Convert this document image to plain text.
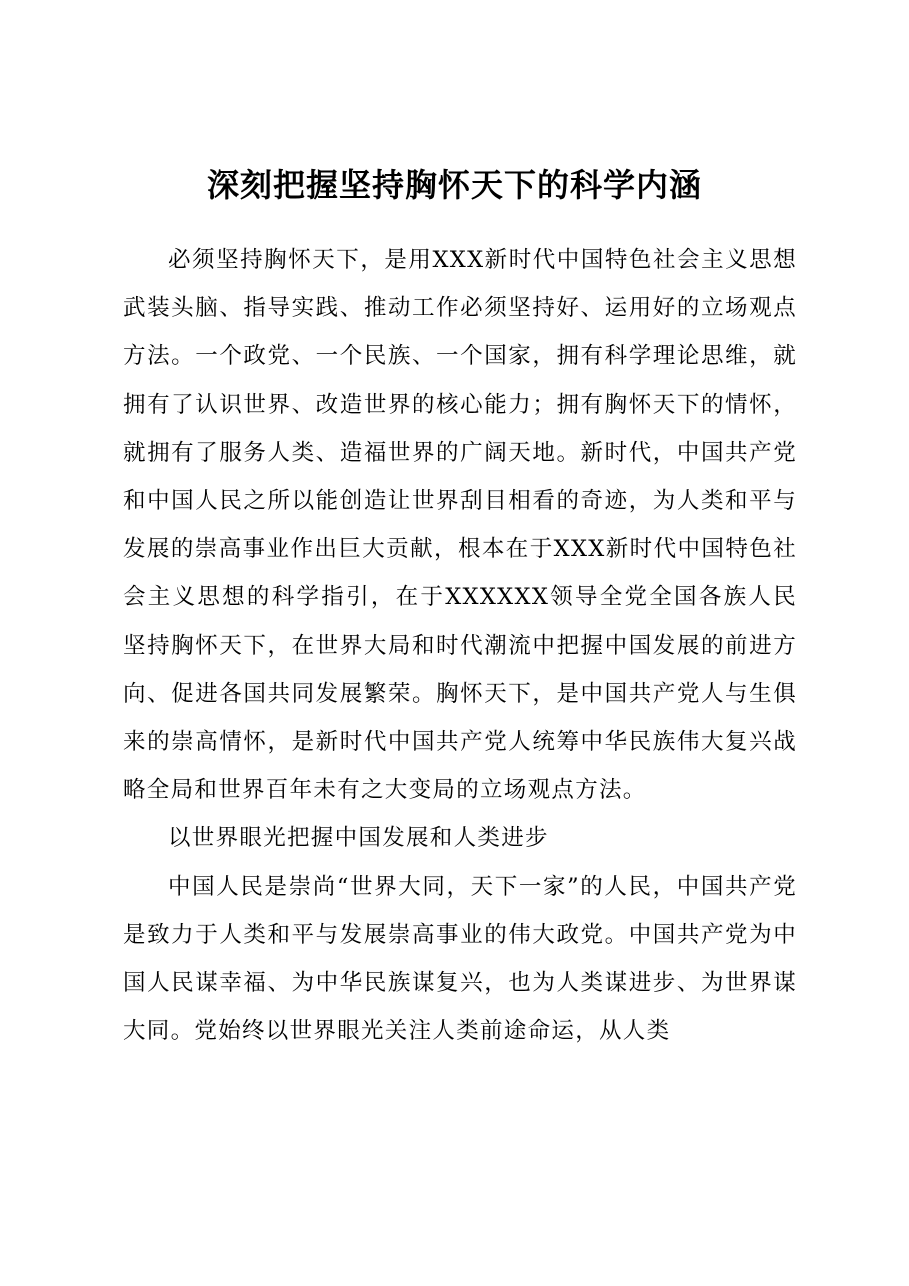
深刻把握坚持胸怀天下的科学内涵

必须坚持胸怀天下，是用XXX新时代中国特色社会主义思想武装头脑、指导实践、推动工作必须坚持好、运用好的立场观点方法。一个政党、一个民族、一个国家，拥有科学理论思维，就拥有了认识世界、改造世界的核心能力；拥有胸怀天下的情怀，就拥有了服务人类、造福世界的广阔天地。新时代，中国共产党和中国人民之所以能创造让世界刮目相看的奇迹，为人类和平与发展的崇高事业作出巨大贡献，根本在于XXX新时代中国特色社会主义思想的科学指引，在于XXXXXX领导全党全国各族人民坚持胸怀天下，在世界大局和时代潮流中把握中国发展的前进方向、促进各国共同发展繁荣。胸怀天下，是中国共产党人与生俱来的崇高情怀，是新时代中国共产党人统筹中华民族伟大复兴战略全局和世界百年未有之大变局的立场观点方法。

以世界眼光把握中国发展和人类进步

中国人民是崇尚“世界大同，天下一家”的人民，中国共产党是致力于人类和平与发展崇高事业的伟大政党。中国共产党为中国人民谋幸福、为中华民族谋复兴，也为人类谋进步、为世界谋大同。党始终以世界眼光关注人类前途命运，从人类
